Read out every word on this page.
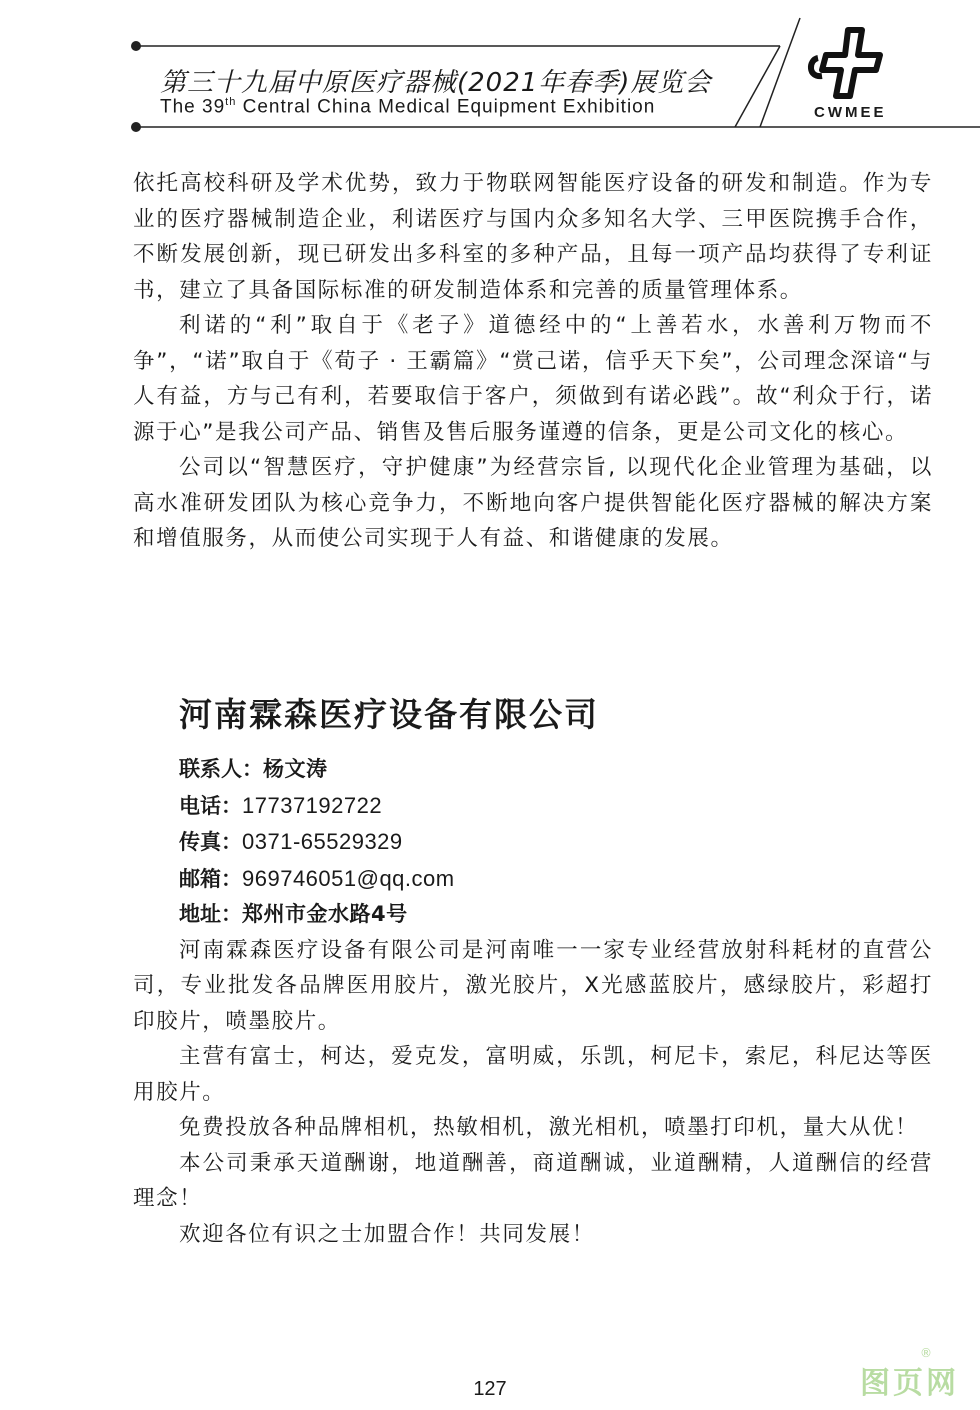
第三十九届中原医疗器械(2021年春季)展览会
The 39th Central China Medical Equipment Exhibition	CWMEE

依托高校科研及学术优势，致力于物联网智能医疗设备的研发和制造。作为专业的医疗器械制造企业，利诺医疗与国内众多知名大学、三甲医院携手合作，不断发展创新，现已研发出多科室的多种产品，且每一项产品均获得了专利证书，建立了具备国际标准的研发制造体系和完善的质量管理体系。

利诺的“利”取自于《老子》道德经中的“上善若水，水善利万物而不争”，“诺”取自于《荀子 · 王霸篇》“赏己诺，信乎天下矣”，公司理念深谙“与人有益，方与己有利，若要取信于客户，须做到有诺必践”。故“利众于行，诺源于心”是我公司产品、销售及售后服务谨遵的信条，更是公司文化的核心。

公司以“智慧医疗，守护健康”为经营宗旨, 以现代化企业管理为基础，以高水准研发团队为核心竞争力，不断地向客户提供智能化医疗器械的解决方案和增值服务，从而使公司实现于人有益、和谐健康的发展。

河南霖森医疗设备有限公司
联系人：杨文涛
电话：17737192722
传真：0371-65529329
邮箱：969746051@qq.com
地址：郑州市金水路4号

河南霖森医疗设备有限公司是河南唯一一家专业经营放射科耗材的直营公司，专业批发各品牌医用胶片，激光胶片，X光感蓝胶片，感绿胶片，彩超打印胶片，喷墨胶片。

主营有富士，柯达，爱克发，富明威，乐凯，柯尼卡，索尼，科尼达等医用胶片。

免费投放各种品牌相机，热敏相机，激光相机，喷墨打印机，量大从优！

本公司秉承天道酬谢，地道酬善，商道酬诚，业道酬精，人道酬信的经营理念！

欢迎各位有识之士加盟合作！共同发展！

127	图页网
®
